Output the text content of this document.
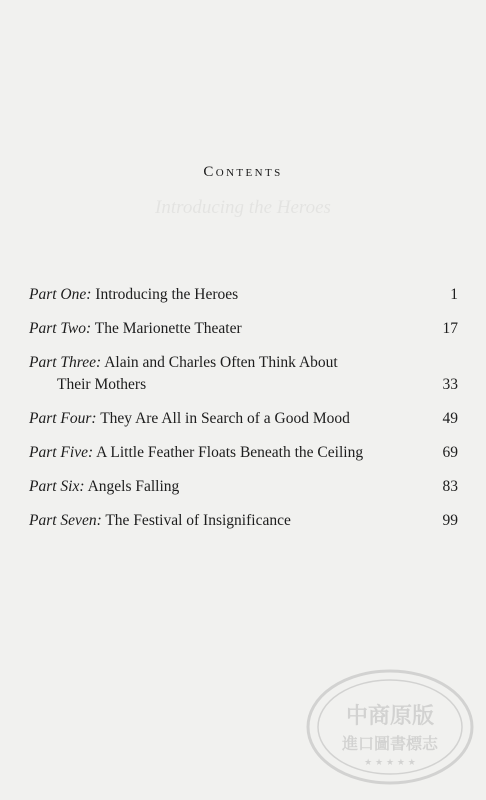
Contents
Introducing the Heroes
Part One: Introducing the Heroes	1
Part Two: The Marionette Theater	17
Part Three: Alain and Charles Often Think About
Their Mothers	33
Part Four: They Are All in Search of a Good Mood	49
Part Five: A Little Feather Floats Beneath the Ceiling	69
Part Six: Angels Falling	83
Part Seven: The Festival of Insignificance	99
中商原版
進口圖書標志
★ ★ ★ ★ ★
